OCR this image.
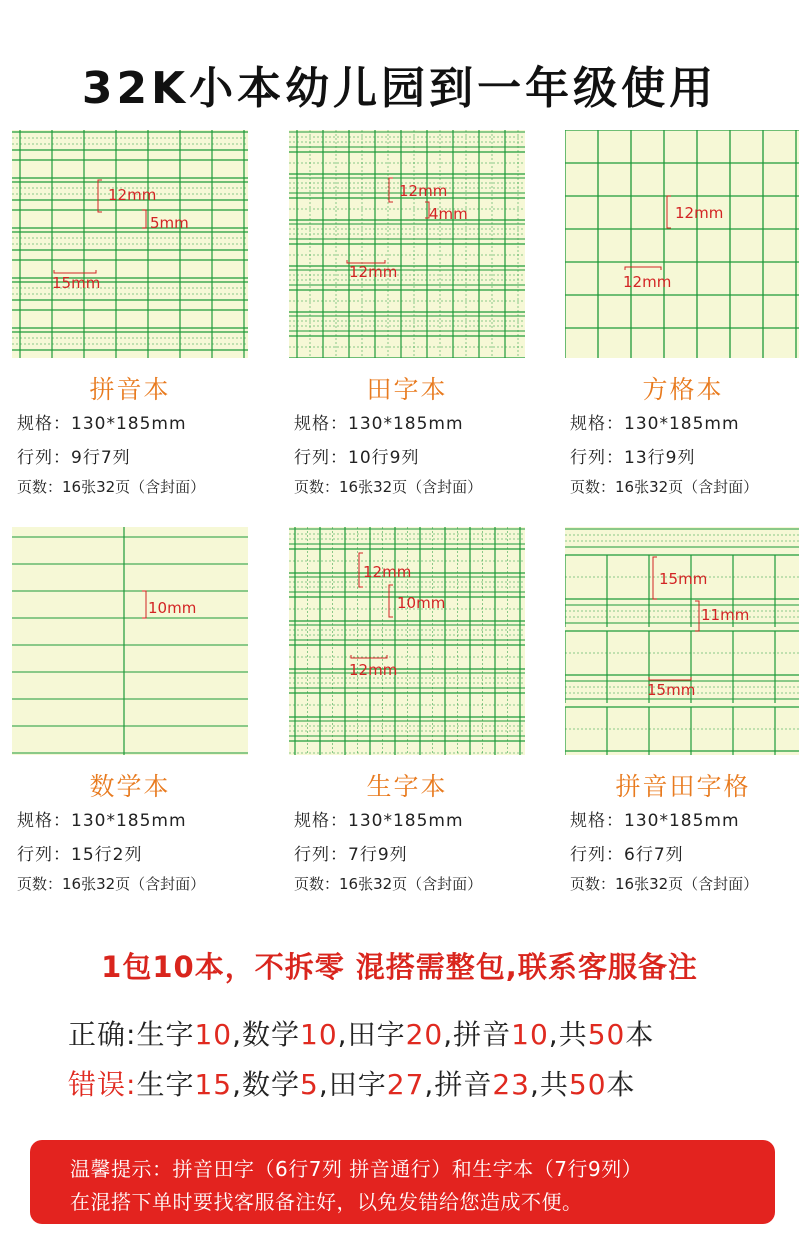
32K小本幼儿园到一年级使用
12mm
5mm
15mm
拼音本
规格：130*185mm
行列：9行7列
页数：16张32页（含封面）
12mm
4mm
12mm
田字本
规格：130*185mm
行列：10行9列
页数：16张32页（含封面）
12mm
12mm
方格本
规格：130*185mm
行列：13行9列
页数：16张32页（含封面）
10mm
数学本
规格：130*185mm
行列：15行2列
页数：16张32页（含封面）
12mm
10mm
12mm
生字本
规格：130*185mm
行列：7行9列
页数：16张32页（含封面）
15mm
11mm
15mm
拼音田字格
规格：130*185mm
行列：6行7列
页数：16张32页（含封面）
1包10本，不拆零 混搭需整包,联系客服备注
正确:生字10,数学10,田字20,拼音10,共50本
错误:生字15,数学5,田字27,拼音23,共50本
温馨提示：拼音田字（6行7列 拼音通行）和生字本（7行9列）
在混搭下单时要找客服备注好，以免发错给您造成不便。
